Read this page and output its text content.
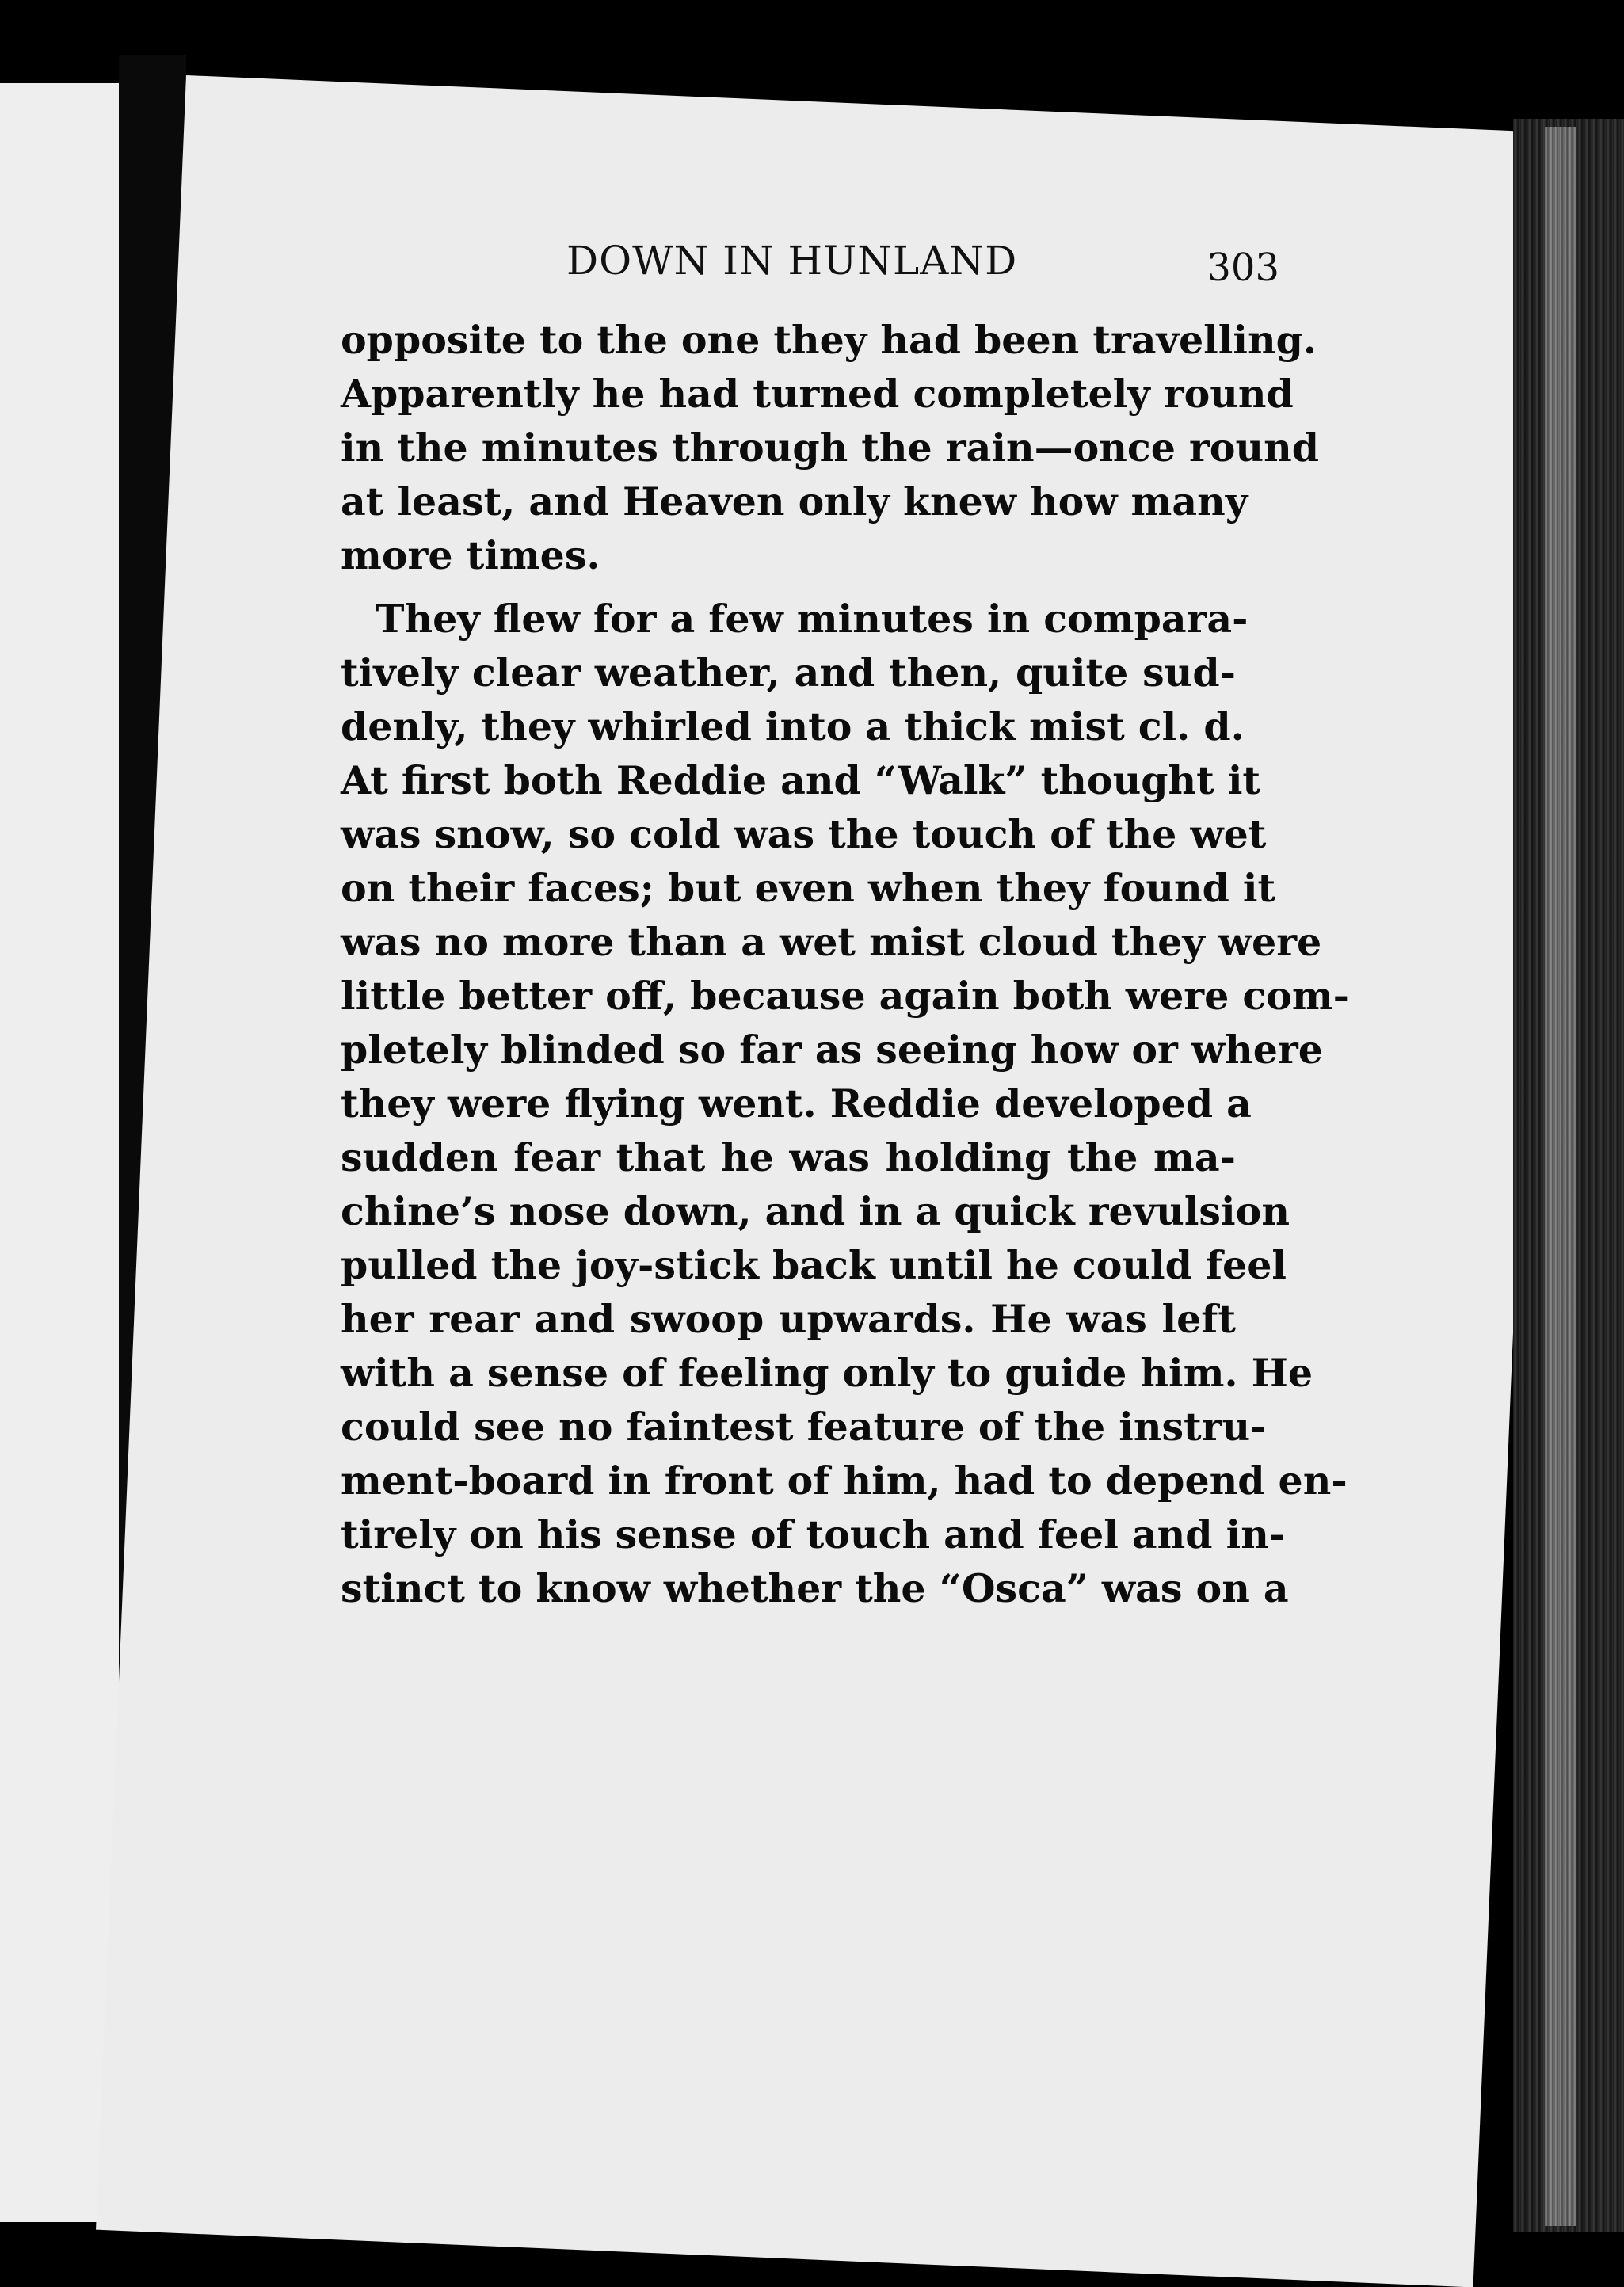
DOWN IN HUNLAND	303
opposite to the one they had been travelling.
Apparently he had turned completely round
in the minutes through the rain—once round
at least, and Heaven only knew how many
more times.
They flew for a few minutes in compara-
tively clear weather, and then, quite sud-
denly, they whirled into a thick mist cl. d.
At first both Reddie and “Walk” thought it
was snow, so cold was the touch of the wet
on their faces; but even when they found it
was no more than a wet mist cloud they were
little better off, because again both were com-
pletely blinded so far as seeing how or where
they were flying went. Reddie developed a
sudden fear that he was holding the ma-
chine’s nose down, and in a quick revulsion
pulled the joy-stick back until he could feel
her rear and swoop upwards. He was left
with a sense of feeling only to guide him. He
could see no faintest feature of the instru-
ment-board in front of him, had to depend en-
tirely on his sense of touch and feel and in-
stinct to know whether the “Osca” was on a
